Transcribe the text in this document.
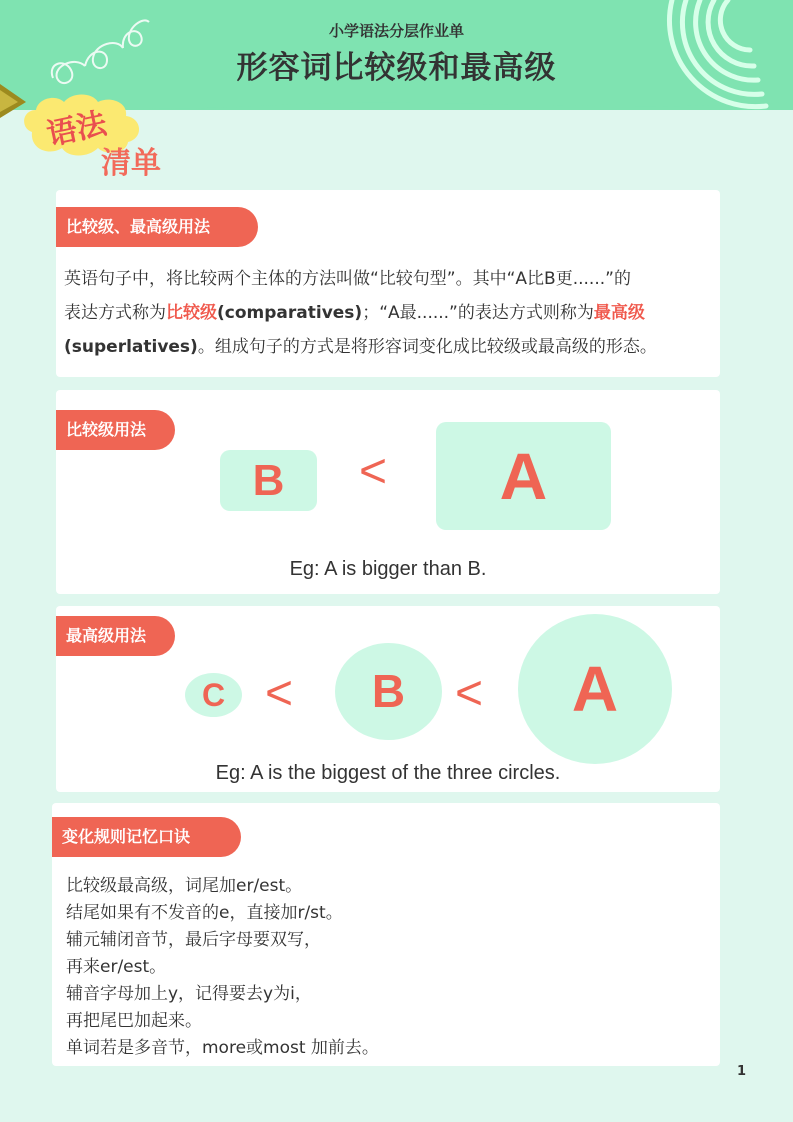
小学语法分层作业单
形容词比较级和最高级
语法
清单
比较级、最高级用法
英语句子中，将比较两个主体的方法叫做“比较句型”。其中“A比B更......”的
表达方式称为比较级(comparatives)；“A最......”的表达方式则称为最高级
(superlatives)。组成句子的方式是将形容词变化成比较级或最高级的形态。
比较级用法
B	<	A
Eg: A is bigger than B.
最高级用法
C <	B	<	A
Eg: A is the biggest of the three circles.
变化规则记忆口诀
比较级最高级，词尾加er/est。
结尾如果有不发音的e，直接加r/st。
辅元辅闭音节，最后字母要双写，
再来er/est。
辅音字母加上y，记得要去y为i，
再把尾巴加起来。
单词若是多音节，more或most 加前去。
1
